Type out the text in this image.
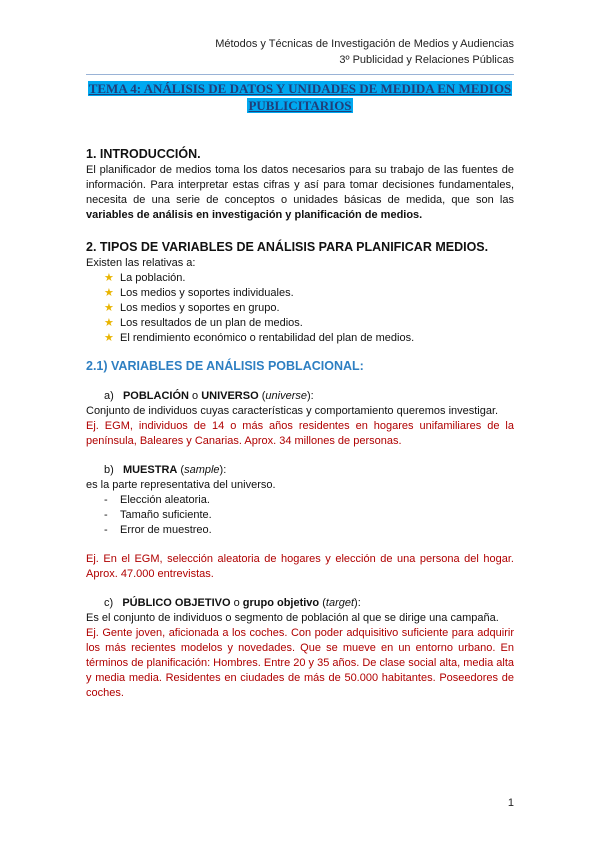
Métodos y Técnicas de Investigación de Medios y Audiencias
3º Publicidad y Relaciones Públicas
TEMA 4: ANÁLISIS DE DATOS Y UNIDADES DE MEDIDA EN MEDIOS
PUBLICITARIOS
1. INTRODUCCIÓN.

El planificador de medios toma los datos necesarios para su trabajo de las fuentes de información. Para interpretar estas cifras y así para tomar decisiones fundamentales, necesita de una serie de conceptos o unidades básicas de medida, que son las variables de análisis en investigación y planificación de medios.

2. TIPOS DE VARIABLES DE ANÁLISIS PARA PLANIFICAR MEDIOS.

Existen las relativas a:

★ La población.
★ Los medios y soportes individuales.
★ Los medios y soportes en grupo.
★ Los resultados de un plan de medios.
★ El rendimiento económico o rentabilidad del plan de medios.
2.1) VARIABLES DE ANÁLISIS POBLACIONAL:
a) POBLACIÓN o UNIVERSO (universe):

Conjunto de individuos cuyas características y comportamiento queremos investigar.

Ej. EGM, individuos de 14 o más años residentes en hogares unifamiliares de la península, Baleares y Canarias. Aprox. 34 millones de personas.

b) MUESTRA (sample):

es la parte representativa del universo.

- Elección aleatoria.
- Tamaño suficiente.
- Error de muestreo.

Ej. En el EGM, selección aleatoria de hogares y elección de una persona del hogar. Aprox. 47.000 entrevistas.

c) PÚBLICO OBJETIVO o grupo objetivo (target):

Es el conjunto de individuos o segmento de población al que se dirige una campaña.

Ej. Gente joven, aficionada a los coches. Con poder adquisitivo suficiente para adquirir los más recientes modelos y novedades. Que se mueve en un entorno urbano. En términos de planificación: Hombres. Entre 20 y 35 años. De clase social alta, media alta y media media. Residentes en ciudades de más de 50.000 habitantes. Poseedores de coches.

1
